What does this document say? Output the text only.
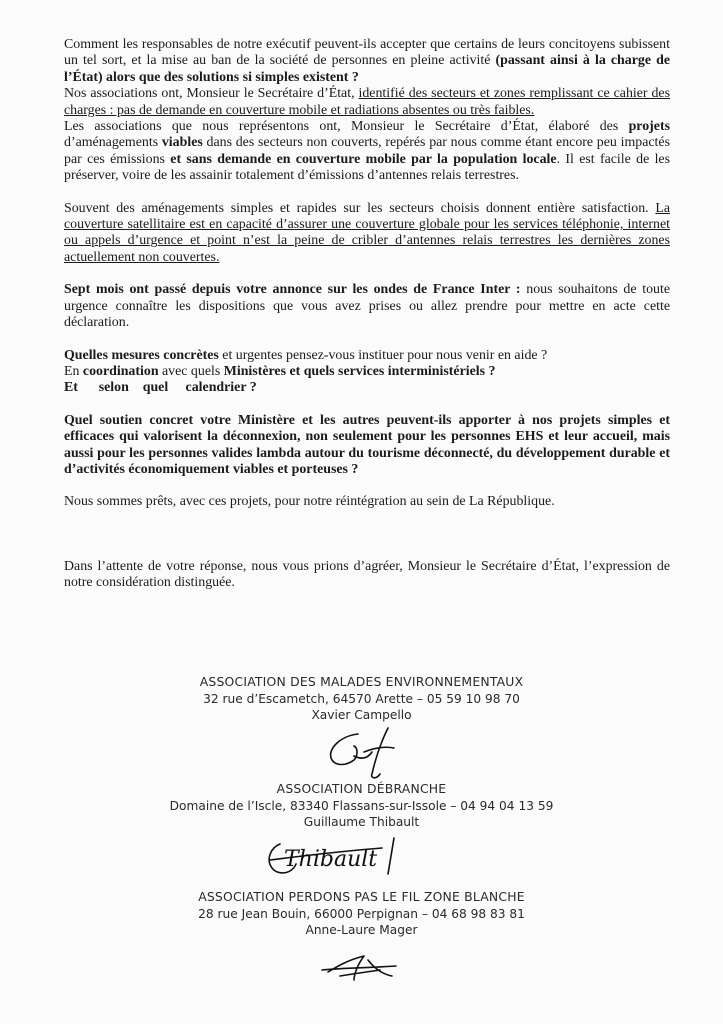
Comment les responsables de notre exécutif peuvent-ils accepter que certains de leurs concitoyens subissent un tel sort, et la mise au ban de la société de personnes en pleine activité (passant ainsi à la charge de l’État) alors que des solutions si simples existent ?

Nos associations ont, Monsieur le Secrétaire d’État, identifié des secteurs et zones remplissant ce cahier des charges : pas de demande en couverture mobile et radiations absentes ou très faibles.

Les associations que nous représentons ont, Monsieur le Secrétaire d’État, élaboré des projets d’aménagements viables dans des secteurs non couverts, repérés par nous comme étant encore peu impactés par ces émissions et sans demande en couverture mobile par la population locale. Il est facile de les préserver, voire de les assainir totalement d’émissions d’antennes relais terrestres.

Souvent des aménagements simples et rapides sur les secteurs choisis donnent entière satisfaction. La couverture satellitaire est en capacité d’assurer une couverture globale pour les services téléphonie, internet ou appels d’urgence et point n’est la peine de cribler d’antennes relais terrestres les dernières zones actuellement non couvertes.

Sept mois ont passé depuis votre annonce sur les ondes de France Inter : nous souhaitons de toute urgence connaître les dispositions que vous avez prises ou allez prendre pour mettre en acte cette déclaration.

Quelles mesures concrètes et urgentes pensez-vous instituer pour nous venir en aide ?
En coordination avec quels Ministères et quels services interministériels ?
Et      selon    quel     calendrier ?

Quel soutien concret votre Ministère et les autres peuvent-ils apporter à nos projets simples et efficaces qui valorisent la déconnexion, non seulement pour les personnes EHS et leur accueil, mais aussi pour les personnes valides lambda autour du tourisme déconnecté, du développement durable et d’activités économiquement viables et porteuses ?

Nous sommes prêts, avec ces projets, pour notre réintégration au sein de La République.

Dans l’attente de votre réponse, nous vous prions d’agréer, Monsieur le Secrétaire d’État, l’expression de notre considération distinguée.

ASSOCIATION DES MALADES ENVIRONNEMENTAUX
32 rue d’Escametch, 64570 Arette – 05 59 10 98 70
Xavier Campello
ASSOCIATION DÉBRANCHE
Domaine de l’Iscle, 83340 Flassans-sur-Issole – 04 94 04 13 59
Guillaume Thibault
Thibault
ASSOCIATION PERDONS PAS LE FIL ZONE BLANCHE
28 rue Jean Bouin, 66000 Perpignan – 04 68 98 83 81
Anne-Laure Mager
